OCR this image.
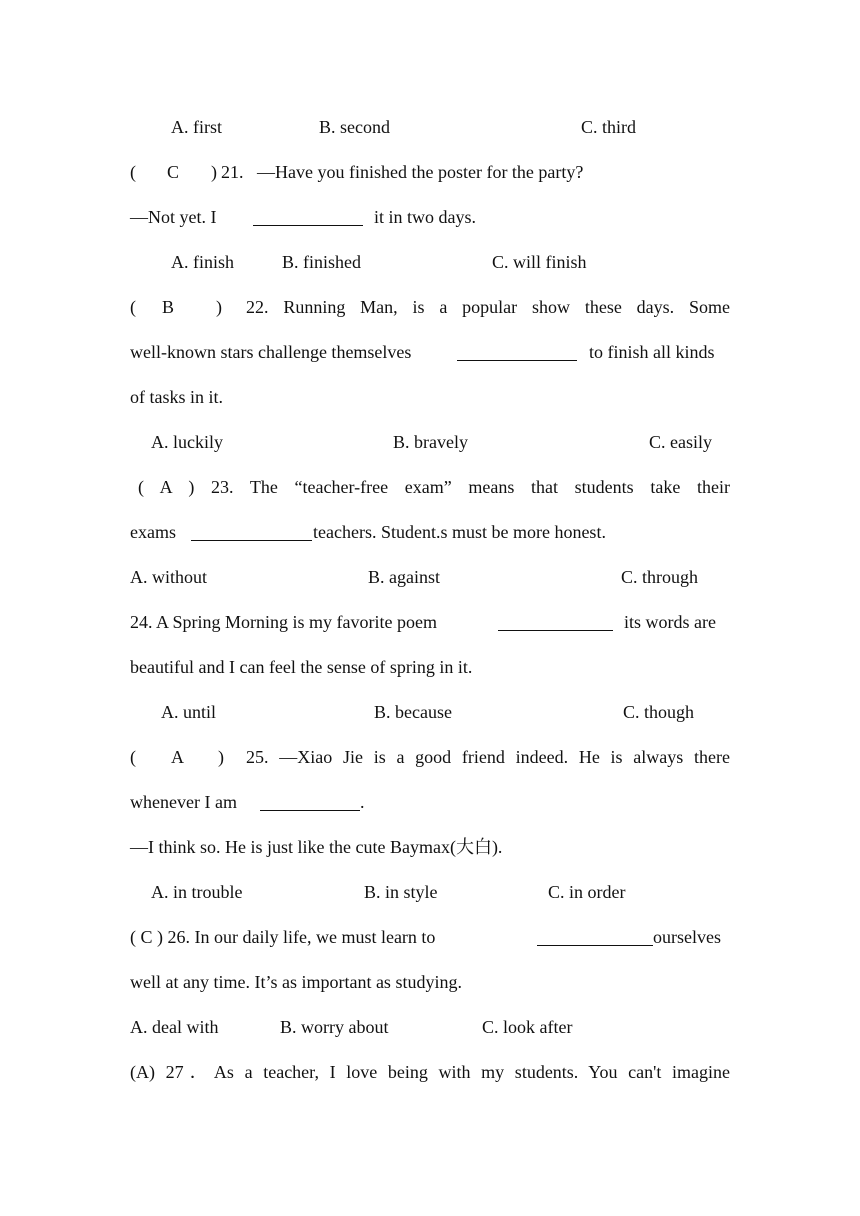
A. first	B. second	C. third
( C ) 21. —Have you finished the poster for the party?
—Not yet. I	it in two days.
A. finish	B. finished	C. will finish
( B ) 22. Running Man, is a popular show these days. Some
well-known stars challenge themselves	to finish all kinds
of tasks in it.
A. luckily	B. bravely	C. easily
( A ) 23. The “teacher-free exam” means that students take their
exams	teachers. Student.s must be more honest.
A. without	B. against	C. through
24. A Spring Morning is my favorite poem	its words are
beautiful and I can feel the sense of spring in it.
A. until	B. because	C. though
( A ) 25. —Xiao Jie is a good friend indeed. He is always there
whenever I am	.
—I think so. He is just like the cute Baymax(大白).
A. in trouble	B. in style	C. in order
( C ) 26. In our daily life, we must learn to	ourselves
well at any time. It’s as important as studying.
A. deal with	B. worry about	C. look after
(A) 27．As a teacher, I love being with my students. You can't imagine
